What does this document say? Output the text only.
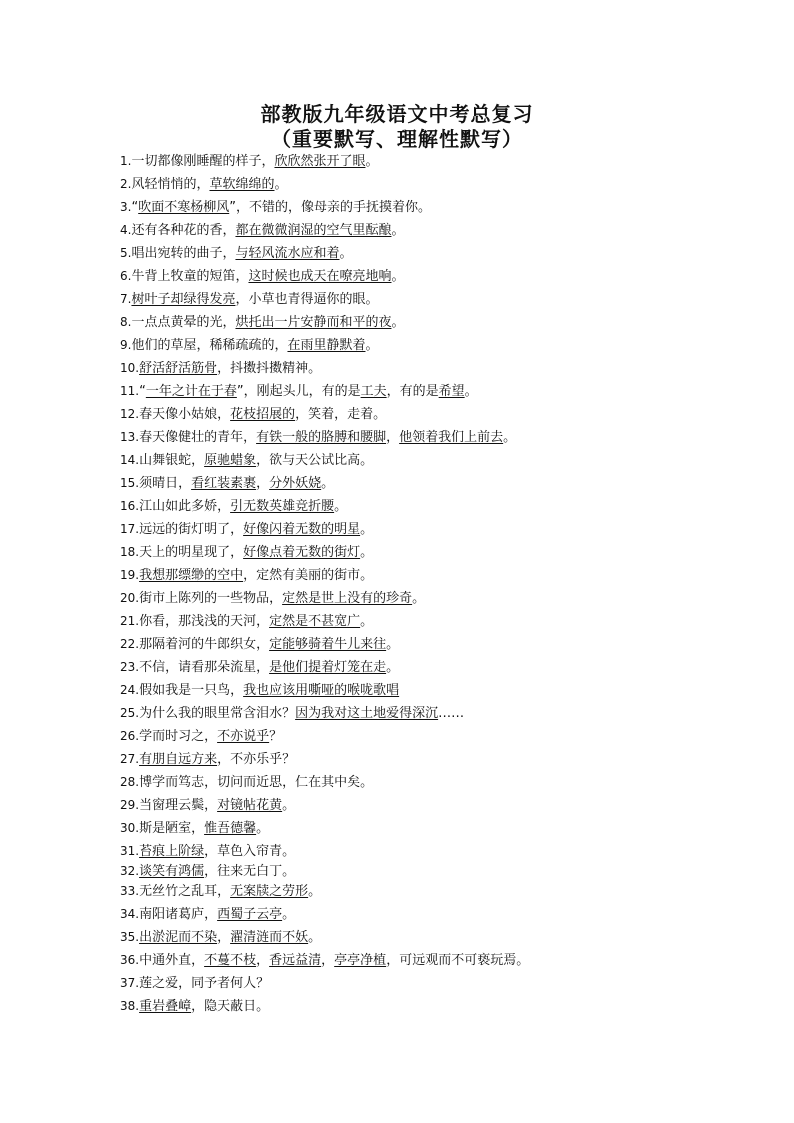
部教版九年级语文中考总复习
（重要默写、理解性默写）
1.一切都像刚睡醒的样子，欣欣然张开了眼。
2.风轻悄悄的，草软绵绵的。
3.“吹面不寒杨柳风”，不错的，像母亲的手抚摸着你。
4.还有各种花的香，都在微微润湿的空气里酝酿。
5.唱出宛转的曲子，与轻风流水应和着。
6.牛背上牧童的短笛，这时候也成天在嘹亮地响。
7.树叶子却绿得发亮，小草也青得逼你的眼。
8.一点点黄晕的光，烘托出一片安静而和平的夜。
9.他们的草屋，稀稀疏疏的，在雨里静默着。
10.舒活舒活筋骨，抖擞抖擞精神。
11.“一年之计在于春”，刚起头儿，有的是工夫，有的是希望。
12.春天像小姑娘，花枝招展的，笑着，走着。
13.春天像健壮的青年，有铁一般的胳膊和腰脚，他领着我们上前去。
14.山舞银蛇，原驰蜡象，欲与天公试比高。
15.须晴日，看红装素裹，分外妖娆。
16.江山如此多娇，引无数英雄竞折腰。
17.远远的街灯明了，好像闪着无数的明星。
18.天上的明星现了，好像点着无数的街灯。
19.我想那缥缈的空中，定然有美丽的街市。
20.街市上陈列的一些物品，定然是世上没有的珍奇。
21.你看，那浅浅的天河，定然是不甚宽广。
22.那隔着河的牛郎织女，定能够骑着牛儿来往。
23.不信，请看那朵流星，是他们提着灯笼在走。
24.假如我是一只鸟，我也应该用嘶哑的喉咙歌唱
25.为什么我的眼里常含泪水？因为我对这土地爱得深沉……
26.学而时习之，不亦说乎？
27.有朋自远方来，不亦乐乎？
28.博学而笃志，切问而近思，仁在其中矣。
29.当窗理云鬓，对镜帖花黄。
30.斯是陋室，惟吾德馨。
31.苔痕上阶绿，草色入帘青。
32.谈笑有鸿儒，往来无白丁。
33.无丝竹之乱耳，无案牍之劳形。
34.南阳诸葛庐，西蜀子云亭。
35.出淤泥而不染，濯清涟而不妖。
36.中通外直，不蔓不枝，香远益清，亭亭净植，可远观而不可亵玩焉。
37.莲之爱，同予者何人？
38.重岩叠嶂，隐天蔽日。
